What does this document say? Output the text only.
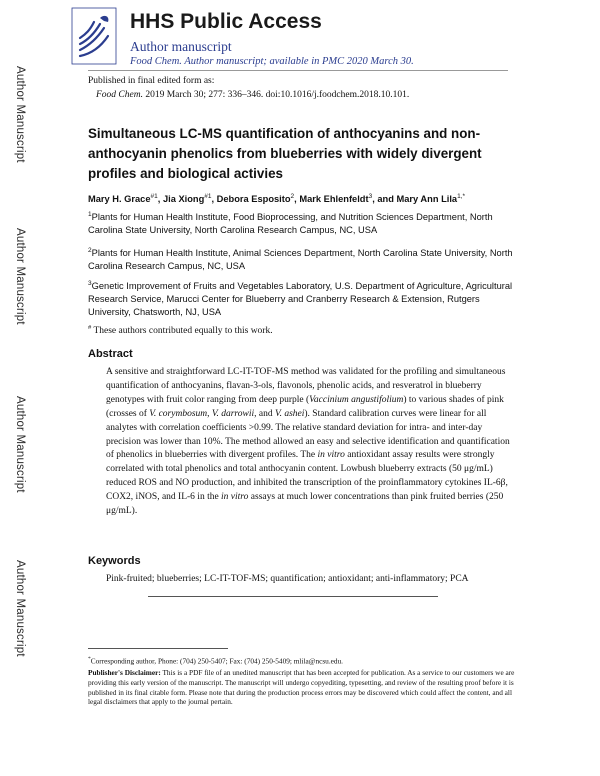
Author Manuscript
Author Manuscript
Author Manuscript
Author Manuscript
HHS Public Access
Author manuscript
Food Chem. Author manuscript; available in PMC 2020 March 30.
Published in final edited form as:
Food Chem. 2019 March 30; 277: 336–346. doi:10.1016/j.foodchem.2018.10.101.
Simultaneous LC-MS quantification of anthocyanins and non-anthocyanin phenolics from blueberries with widely divergent profiles and biological activies
Mary H. Grace$^{\#1}$, Jia Xiong$^{\#1}$, Debora Esposito$^2$, Mark Ehlenfeldt$^3$, and Mary Ann Lila$^{1,*}$
$^1$Plants for Human Health Institute, Food Bioprocessing, and Nutrition Sciences Department, North Carolina State University, North Carolina Research Campus, NC, USA
$^2$Plants for Human Health Institute, Animal Sciences Department, North Carolina State University, North Carolina Research Campus, NC, USA
$^3$Genetic Improvement of Fruits and Vegetables Laboratory, U.S. Department of Agriculture, Agricultural Research Service, Marucci Center for Blueberry and Cranberry Research & Extension, Rutgers University, Chatsworth, NJ, USA
# These authors contributed equally to this work.
Abstract
A sensitive and straightforward LC-IT-TOF-MS method was validated for the profiling and simultaneous quantification of anthocyanins, flavan-3-ols, flavonols, phenolic acids, and resveratrol in blueberry genotypes with fruit color ranging from deep purple (Vaccinium angustifolium) to various shades of pink (crosses of V. corymbosum, V. darrowii, and V. ashei). Standard calibration curves were linear for all analytes with correlation coefficients >0.99. The relative standard deviation for intra- and inter-day precision was lower than 10%. The method allowed an easy and selective identification and quantification of phenolics in blueberries with divergent profiles. The in vitro antioxidant assay results were strongly correlated with total phenolics and total anthocyanin content. Lowbush blueberry extracts (50 μg/mL) reduced ROS and NO production, and inhibited the transcription of the proinflammatory cytokines IL-6β, COX2, iNOS, and IL-6 in the in vitro assays at much lower concentrations than pink fruited berries (250 μg/mL).
Keywords
Pink-fruited; blueberries; LC-IT-TOF-MS; quantification; antioxidant; anti-inflammatory; PCA
*Corresponding author, Phone: (704) 250-5407; Fax: (704) 250-5409; mlila@ncsu.edu.
Publisher's Disclaimer: This is a PDF file of an unedited manuscript that has been accepted for publication. As a service to our customers we are providing this early version of the manuscript. The manuscript will undergo copyediting, typesetting, and review of the resulting proof before it is published in its final citable form. Please note that during the production process errors may be discovered which could affect the content, and all legal disclaimers that apply to the journal pertain.
